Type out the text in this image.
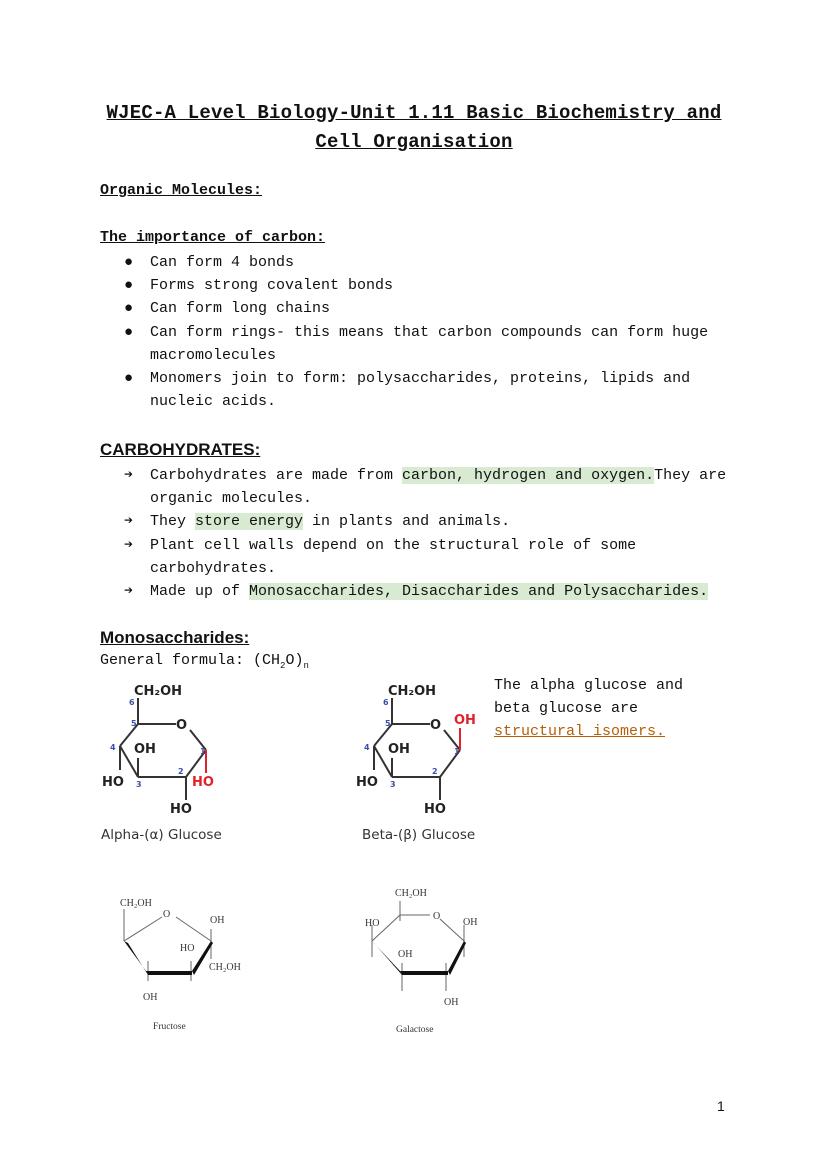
WJEC-A Level Biology-Unit 1.11 Basic Biochemistry and
Cell Organisation
Organic Molecules:
The importance of carbon:
● Can form 4 bonds
● Forms strong covalent bonds
● Can form long chains
● Can form rings- this means that carbon compounds can form huge macromolecules
● Monomers join to form: polysaccharides, proteins, lipids and nucleic acids.
CARBOHYDRATES:
➔ Carbohydrates are made from carbon, hydrogen and oxygen.They are organic molecules.
➔ They store energy in plants and animals.
➔ Plant cell walls depend on the structural role of some carbohydrates.
➔ Made up of Monosaccharides, Disaccharides and Polysaccharides.
Monosaccharides:
General formula: $(CH_2O)_n$
The alpha glucose and beta glucose are structural isomers.
CH₂OH
O
OH
HO	HO
HO
1
2
3
4
5
6
Alpha-(α) Glucose
CH₂OH
O OH
OH
HO
HO
1
2
3
4
5
6
Beta-(β) Glucose
CH₂OH
O
OH
HO
CH₂OH
OH
Fructose
CH₂OH
O
HO	OH
OH
OH
Galactose
1
